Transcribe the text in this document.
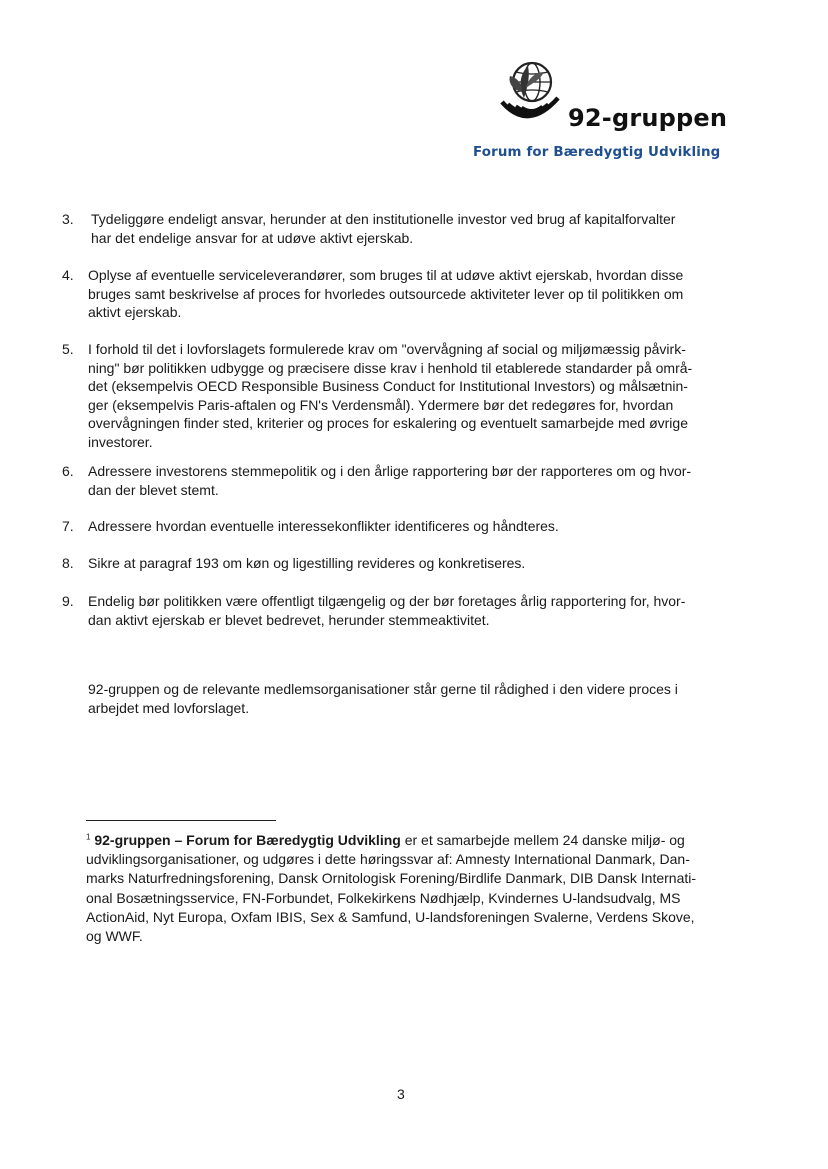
92-gruppen
Forum for Bæredygtig Udvikling
3. Tydeliggøre endeligt ansvar, herunder at den institutionelle investor ved brug af kapitalforvalter
har det endelige ansvar for at udøve aktivt ejerskab.
4. Oplyse af eventuelle serviceleverandører, som bruges til at udøve aktivt ejerskab, hvordan disse
bruges samt beskrivelse af proces for hvorledes outsourcede aktiviteter lever op til politikken om
aktivt ejerskab.
5. I forhold til det i lovforslagets formulerede krav om "overvågning af social og miljømæssig påvirk-
ning" bør politikken udbygge og præcisere disse krav i henhold til etablerede standarder på områ-
det (eksempelvis OECD Responsible Business Conduct for Institutional Investors) og målsætnin-
ger (eksempelvis Paris-aftalen og FN's Verdensmål). Ydermere bør det redegøres for, hvordan
overvågningen finder sted, kriterier og proces for eskalering og eventuelt samarbejde med øvrige
investorer.
6. Adressere investorens stemmepolitik og i den årlige rapportering bør der rapporteres om og hvor-
dan der blevet stemt.
7. Adressere hvordan eventuelle interessekonflikter identificeres og håndteres.
8. Sikre at paragraf 193 om køn og ligestilling revideres og konkretiseres.
9. Endelig bør politikken være offentligt tilgængelig og der bør foretages årlig rapportering for, hvor-
dan aktivt ejerskab er blevet bedrevet, herunder stemmeaktivitet.
92-gruppen og de relevante medlemsorganisationer står gerne til rådighed i den videre proces i
arbejdet med lovforslaget.
$^1$ 92-gruppen – Forum for Bæredygtig Udvikling er et samarbejde mellem 24 danske miljø- og
udviklingsorganisationer, og udgøres i dette høringssvar af: Amnesty International Danmark, Dan-
marks Naturfredningsforening, Dansk Ornitologisk Forening/Birdlife Danmark, DIB Dansk Internati-
onal Bosætningsservice, FN-Forbundet, Folkekirkens Nødhjælp, Kvindernes U-landsudvalg, MS
ActionAid, Nyt Europa, Oxfam IBIS, Sex & Samfund, U-landsforeningen Svalerne, Verdens Skove,
og WWF.
3
